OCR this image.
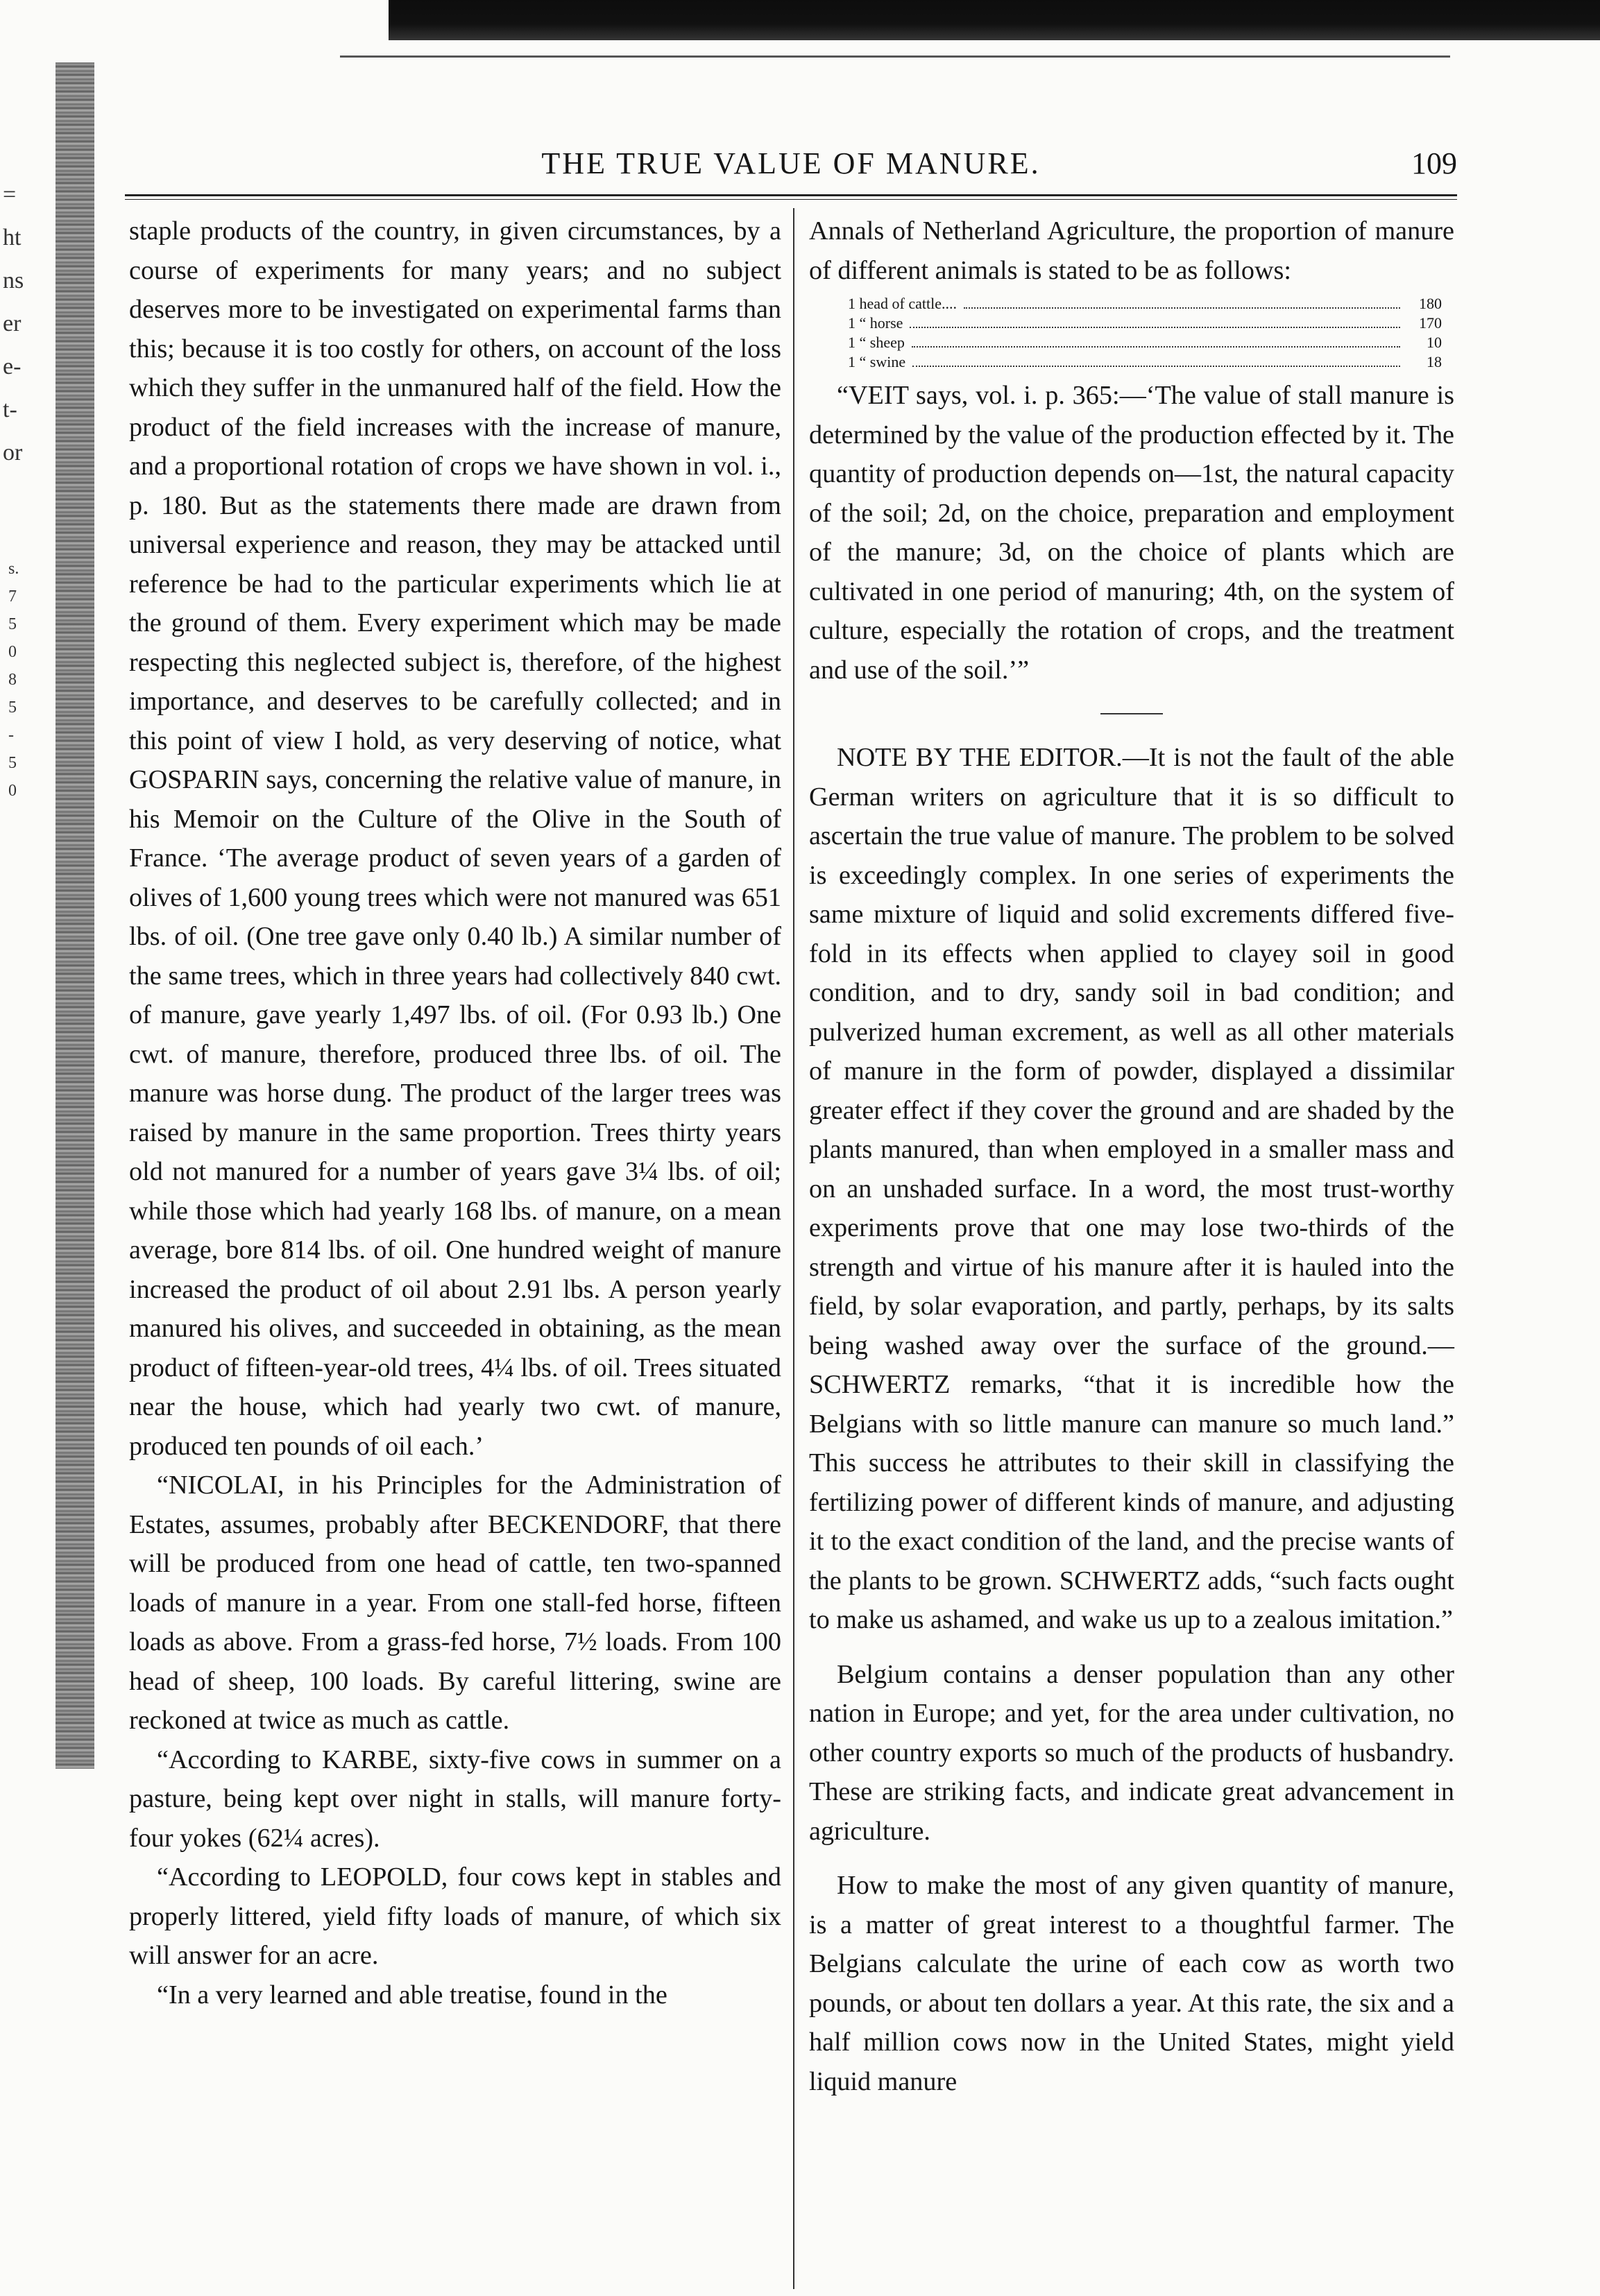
=
ht
ns
er
e-
t-
or
s.
7
5
0
8
5
-
5
0
THE TRUE VALUE OF MANURE.	109

staple products of the country, in given circumstances, by a course of experiments for many years; and no subject deserves more to be investigated on experimental farms than this; because it is too costly for others, on account of the loss which they suffer in the unmanured half of the field. How the product of the field increases with the increase of manure, and a proportional rotation of crops we have shown in vol. i., p. 180. But as the statements there made are drawn from universal experience and reason, they may be attacked until reference be had to the particular experiments which lie at the ground of them. Every experiment which may be made respecting this neglected subject is, therefore, of the highest importance, and deserves to be carefully collected; and in this point of view I hold, as very deserving of notice, what GOSPARIN says, concerning the relative value of manure, in his Memoir on the Culture of the Olive in the South of France. ‘The average product of seven years of a garden of olives of 1,600 young trees which were not manured was 651 lbs. of oil. (One tree gave only 0.40 lb.) A similar number of the same trees, which in three years had collectively 840 cwt. of manure, gave yearly 1,497 lbs. of oil. (For 0.93 lb.) One cwt. of manure, therefore, produced three lbs. of oil. The manure was horse dung. The product of the larger trees was raised by manure in the same proportion. Trees thirty years old not manured for a number of years gave 3¼ lbs. of oil; while those which had yearly 168 lbs. of manure, on a mean average, bore 814 lbs. of oil. One hundred weight of manure increased the product of oil about 2.91 lbs. A person yearly manured his olives, and succeeded in obtaining, as the mean product of fifteen-year-old trees, 4¼ lbs. of oil. Trees situated near the house, which had yearly two cwt. of manure, produced ten pounds of oil each.’

“NICOLAI, in his Principles for the Administration of Estates, assumes, probably after BECKENDORF, that there will be produced from one head of cattle, ten two-spanned loads of manure in a year. From one stall-fed horse, fifteen loads as above. From a grass-fed horse, 7½ loads. From 100 head of sheep, 100 loads. By careful littering, swine are reckoned at twice as much as cattle.

“According to KARBE, sixty-five cows in summer on a pasture, being kept over night in stalls, will manure forty-four yokes (62¼ acres).

“According to LEOPOLD, four cows kept in stables and properly littered, yield fifty loads of manure, of which six will answer for an acre.

“In a very learned and able treatise, found in the

Annals of Netherland Agriculture, the proportion of manure of different animals is stated to be as follows:

1 head of cattle....	180
1 “ horse	170
1 “ sheep	10
1 “ swine	18

“VEIT says, vol. i. p. 365:—‘The value of stall manure is determined by the value of the production effected by it. The quantity of production depends on—1st, the natural capacity of the soil; 2d, on the choice, preparation and employment of the manure; 3d, on the choice of plants which are cultivated in one period of manuring; 4th, on the system of culture, especially the rotation of crops, and the treatment and use of the soil.’”

NOTE BY THE EDITOR.—It is not the fault of the able German writers on agriculture that it is so difficult to ascertain the true value of manure. The problem to be solved is exceedingly complex. In one series of experiments the same mixture of liquid and solid excrements differed five-fold in its effects when applied to clayey soil in good condition, and to dry, sandy soil in bad condition; and pulverized human excrement, as well as all other materials of manure in the form of powder, displayed a dissimilar greater effect if they cover the ground and are shaded by the plants manured, than when employed in a smaller mass and on an unshaded surface. In a word, the most trust-worthy experiments prove that one may lose two-thirds of the strength and virtue of his manure after it is hauled into the field, by solar evaporation, and partly, perhaps, by its salts being washed away over the surface of the ground.—SCHWERTZ remarks, “that it is incredible how the Belgians with so little manure can manure so much land.” This success he attributes to their skill in classifying the fertilizing power of different kinds of manure, and adjusting it to the exact condition of the land, and the precise wants of the plants to be grown. SCHWERTZ adds, “such facts ought to make us ashamed, and wake us up to a zealous imitation.”

Belgium contains a denser population than any other nation in Europe; and yet, for the area under cultivation, no other country exports so much of the products of husbandry. These are striking facts, and indicate great advancement in agriculture.

How to make the most of any given quantity of manure, is a matter of great interest to a thoughtful farmer. The Belgians calculate the urine of each cow as worth two pounds, or about ten dollars a year. At this rate, the six and a half million cows now in the United States, might yield liquid manure
